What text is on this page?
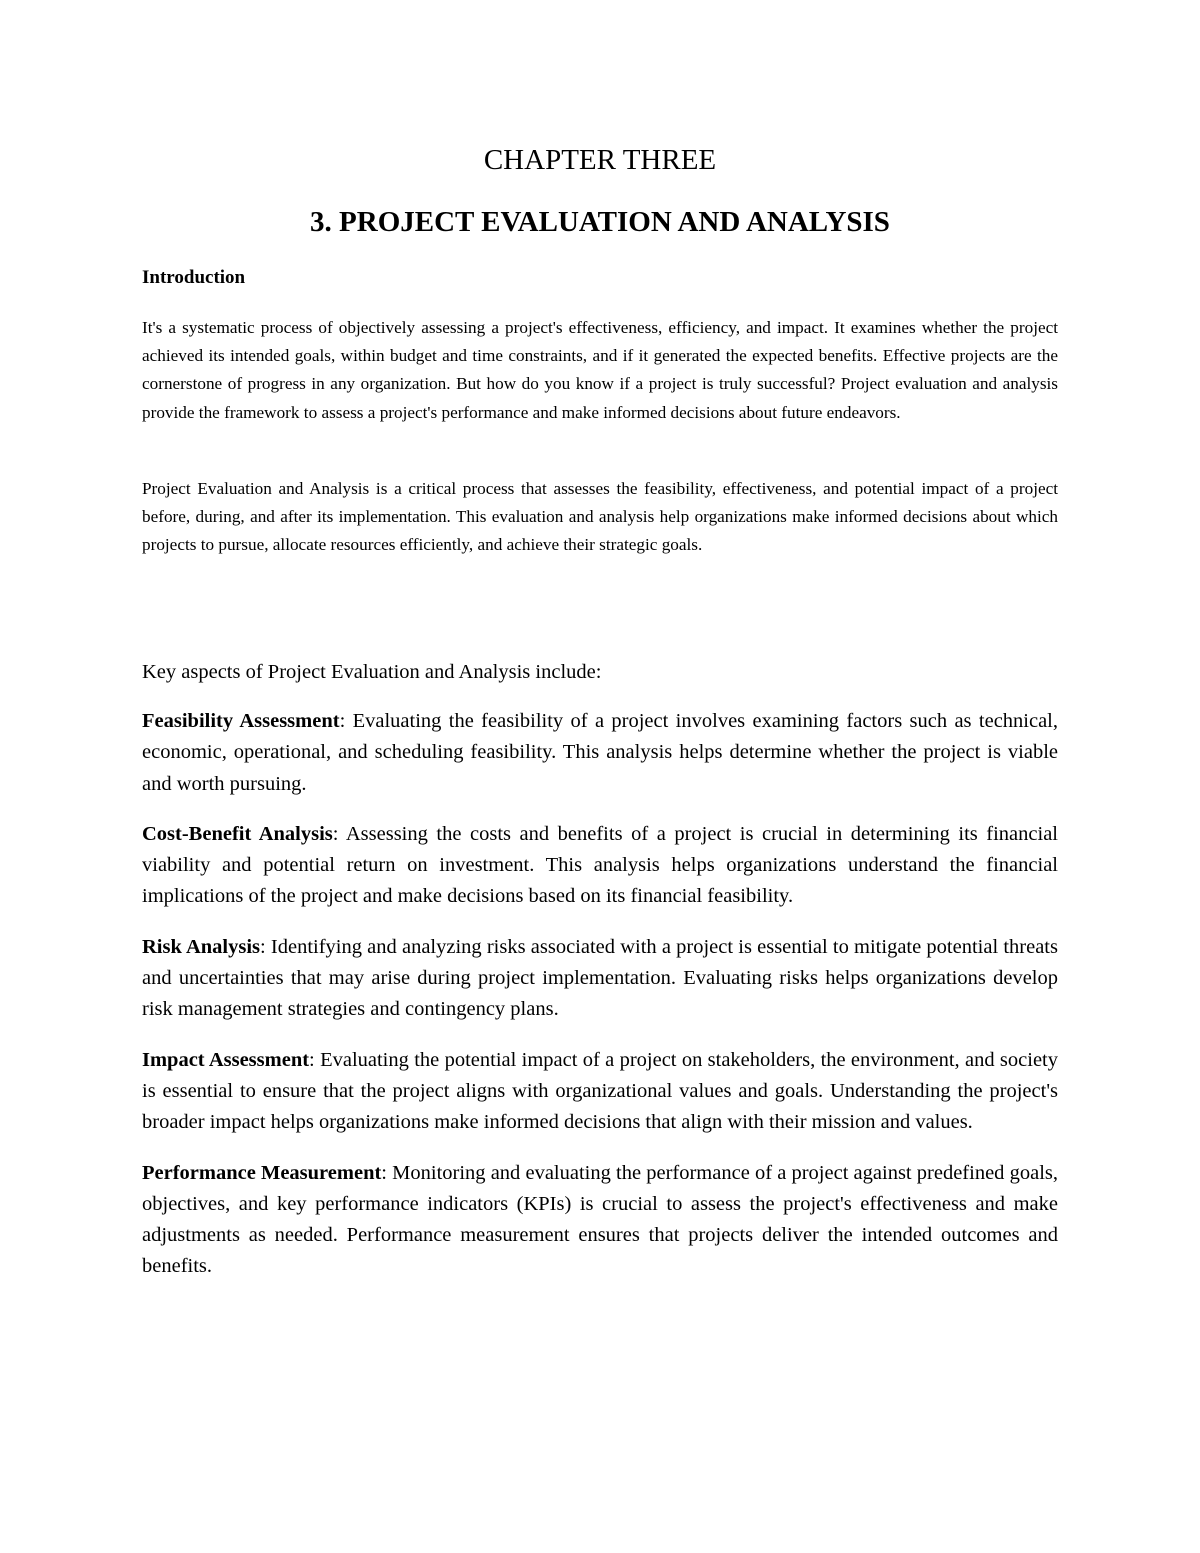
CHAPTER THREE
3. PROJECT EVALUATION AND ANALYSIS
Introduction

It's a systematic process of objectively assessing a project's effectiveness, efficiency, and impact. It examines whether the project achieved its intended goals, within budget and time constraints, and if it generated the expected benefits. Effective projects are the cornerstone of progress in any organization. But how do you know if a project is truly successful? Project evaluation and analysis provide the framework to assess a project's performance and make informed decisions about future endeavors.

Project Evaluation and Analysis is a critical process that assesses the feasibility, effectiveness, and potential impact of a project before, during, and after its implementation. This evaluation and analysis help organizations make informed decisions about which projects to pursue, allocate resources efficiently, and achieve their strategic goals.

Key aspects of Project Evaluation and Analysis include:

Feasibility Assessment: Evaluating the feasibility of a project involves examining factors such as technical, economic, operational, and scheduling feasibility. This analysis helps determine whether the project is viable and worth pursuing.

Cost-Benefit Analysis: Assessing the costs and benefits of a project is crucial in determining its financial viability and potential return on investment. This analysis helps organizations understand the financial implications of the project and make decisions based on its financial feasibility.

Risk Analysis: Identifying and analyzing risks associated with a project is essential to mitigate potential threats and uncertainties that may arise during project implementation. Evaluating risks helps organizations develop risk management strategies and contingency plans.

Impact Assessment: Evaluating the potential impact of a project on stakeholders, the environment, and society is essential to ensure that the project aligns with organizational values and goals. Understanding the project's broader impact helps organizations make informed decisions that align with their mission and values.

Performance Measurement: Monitoring and evaluating the performance of a project against predefined goals, objectives, and key performance indicators (KPIs) is crucial to assess the project's effectiveness and make adjustments as needed. Performance measurement ensures that projects deliver the intended outcomes and benefits.
